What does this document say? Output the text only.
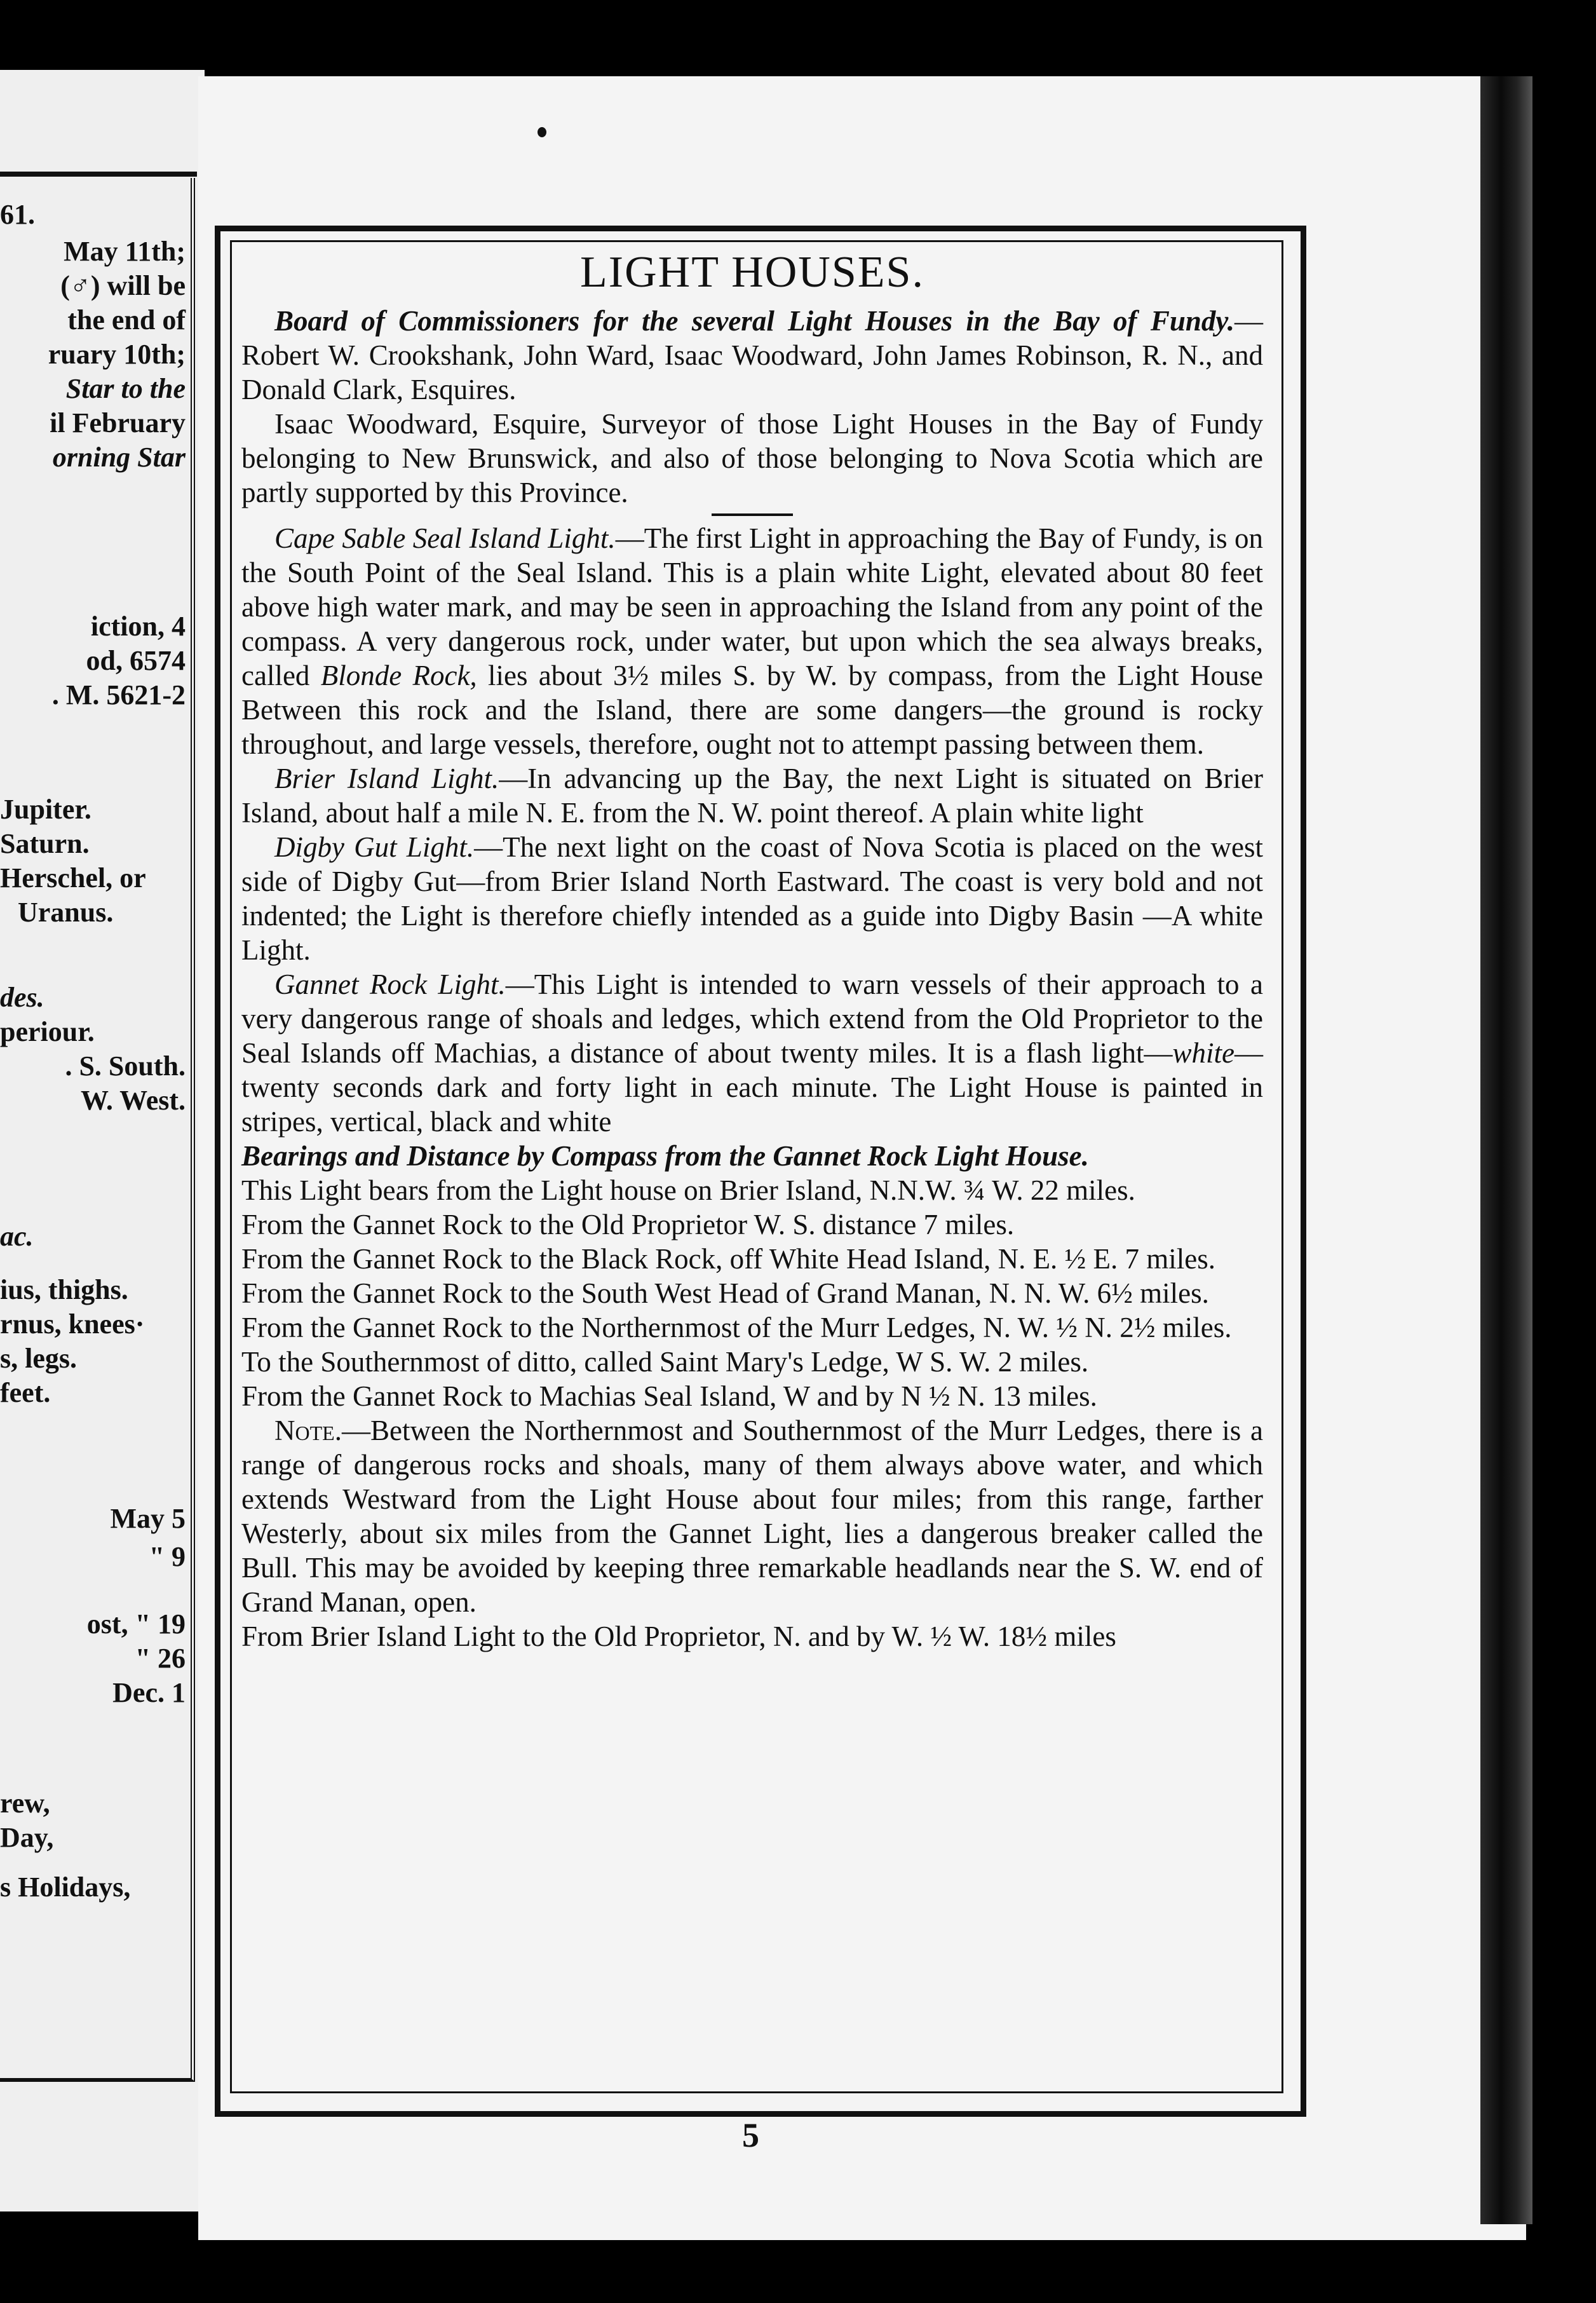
61.
May 11th;
(♂) will be
the end of
ruary 10th;
Star to the
il February
orning Star
iction, 4
od, 6574
. M. 5621-2
Jupiter.
Saturn.
Herschel, or
Uranus.
des.
periour.
. S. South.
W. West.
ac.
ius, thighs.
rnus, knees·
s, legs.
feet.
May 5
" 9
ost, " 19
" 26
Dec. 1
rew,
Day,
s Holidays,
LIGHT HOUSES.

Board of Commissioners for the several Light Houses in the Bay of Fundy.—Robert W. Crookshank, John Ward, Isaac Woodward, John James Robinson, R. N., and Donald Clark, Esquires.

Isaac Woodward, Esquire, Surveyor of those Light Houses in the Bay of Fundy belonging to New Brunswick, and also of those belonging to Nova Scotia which are partly supported by this Province.

Cape Sable Seal Island Light.—The first Light in approaching the Bay of Fundy, is on the South Point of the Seal Island. This is a plain white Light, elevated about 80 feet above high water mark, and may be seen in approaching the Island from any point of the compass. A very dangerous rock, under water, but upon which the sea always breaks, called Blonde Rock, lies about 3½ miles S. by W. by compass, from the Light House Between this rock and the Island, there are some dangers—the ground is rocky throughout, and large vessels, therefore, ought not to attempt passing between them.

Brier Island Light.—In advancing up the Bay, the next Light is situated on Brier Island, about half a mile N. E. from the N. W. point thereof. A plain white light

Digby Gut Light.—The next light on the coast of Nova Scotia is placed on the west side of Digby Gut—from Brier Island North Eastward. The coast is very bold and not indented; the Light is therefore chiefly intended as a guide into Digby Basin —A white Light.

Gannet Rock Light.—This Light is intended to warn vessels of their approach to a very dangerous range of shoals and ledges, which extend from the Old Proprietor to the Seal Islands off Machias, a distance of about twenty miles. It is a flash light—white—twenty seconds dark and forty light in each minute. The Light House is painted in stripes, vertical, black and white

Bearings and Distance by Compass from the Gannet Rock Light House.

This Light bears from the Light house on Brier Island, N.N.W. ¾ W. 22 miles.

From the Gannet Rock to the Old Proprietor W. S. distance 7 miles.

From the Gannet Rock to the Black Rock, off White Head Island, N. E. ½ E. 7 miles.

From the Gannet Rock to the South West Head of Grand Manan, N. N. W. 6½ miles.

From the Gannet Rock to the Northernmost of the Murr Ledges, N. W. ½ N. 2½ miles.

To the Southernmost of ditto, called Saint Mary's Ledge, W S. W. 2 miles.

From the Gannet Rock to Machias Seal Island, W and by N ½ N. 13 miles.

Note.—Between the Northernmost and Southernmost of the Murr Ledges, there is a range of dangerous rocks and shoals, many of them always above water, and which extends Westward from the Light House about four miles; from this range, farther Westerly, about six miles from the Gannet Light, lies a dangerous breaker called the Bull. This may be avoided by keeping three remarkable headlands near the S. W. end of Grand Manan, open.

From Brier Island Light to the Old Proprietor, N. and by W. ½ W. 18½ miles

5
